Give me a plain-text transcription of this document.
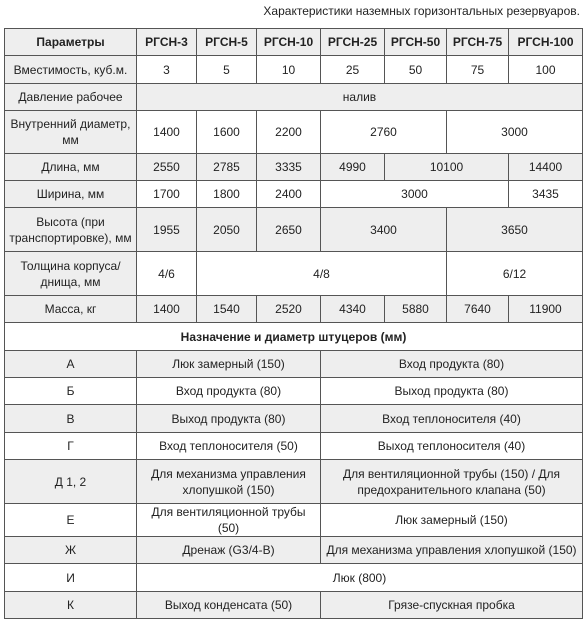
Характеристики наземных горизонтальных резервуаров.
Параметры	РГСН-3	РГСН-5	РГСН-10	РГСН-25	РГСН-50	РГСН-75	РГСН-100	
Вместимость, куб.м.	3	5	10	25	50	75	100	
Давление рабочее	налив							
Внутренний диаметр, мм	1400	1600	2200	2760		3000		
Длина, мм	2550	2785	3335	4990	10100		14400	
Ширина, мм	1700	1800	2400	3000			3435	
Высота (при транспортировке), мм	1955	2050	2650	3400		3650		
Толщина корпуса/днища, мм	4/6	4/8				6/12		
Масса, кг	1400	1540	2520	4340	5880	7640	11900	
Назначение и диаметр штуцеров (мм)								
А	Люк замерный (150)			Вход продукта (80)				
Б	Вход продукта (80)			Выход продукта (80)				
В	Выход продукта (80)			Вход теплоносителя (40)				
Г	Вход теплоносителя (50)			Выход теплоносителя (40)				
Д 1, 2	Для механизма управления хлопушкой (150)			Для вентиляционной трубы (150) / Для предохранительного клапана (50)				
Е	Для вентиляционной трубы (50)			Люк замерный (150)				
Ж	Дренаж (G3/4-B)			Для механизма управления хлопушкой (150)				
И	Люк (800)							
К	Выход конденсата (50)			Грязе-спускная пробка				
